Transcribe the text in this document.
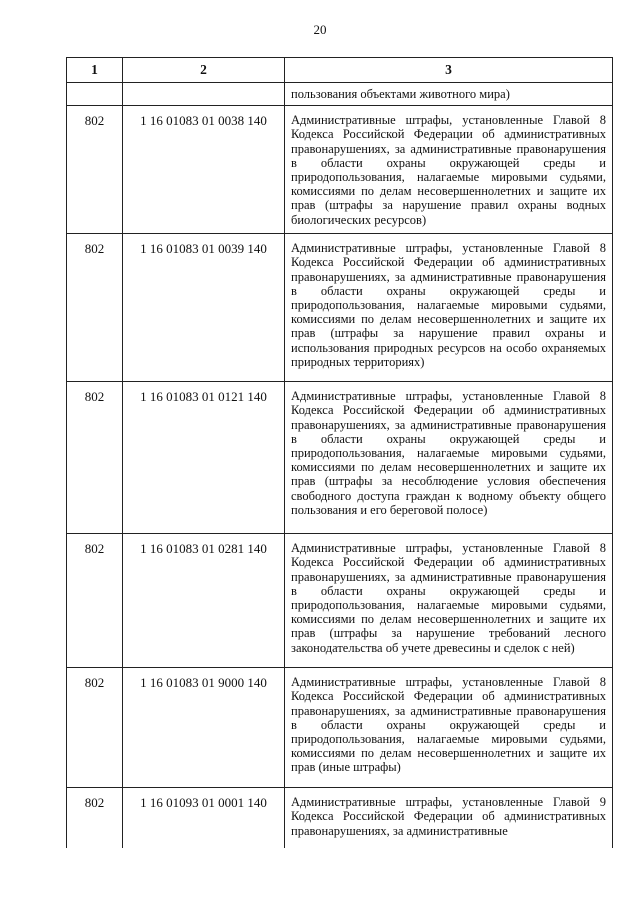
20
1	2	3
		пользования объектами животного мира)
802	1 16 01083 01 0038 140	Административные штрафы, установленные Главой 8 Кодекса Российской Федерации об административных правонарушениях, за административные правонарушения в области охраны окружающей среды и природопользования, налагаемые мировыми судьями, комиссиями по делам несовершеннолетних и защите их прав (штрафы за нарушение правил охраны водных биологических ресурсов)
802	1 16 01083 01 0039 140	Административные штрафы, установленные Главой 8 Кодекса Российской Федерации об административных правонарушениях, за административные правонарушения в области охраны окружающей среды и природопользования, налагаемые мировыми судьями, комиссиями по делам несовершеннолетних и защите их прав (штрафы за нарушение правил охраны и использования природных ресурсов на особо охраняемых природных территориях)
802	1 16 01083 01 0121 140	Административные штрафы, установленные Главой 8 Кодекса Российской Федерации об административных правонарушениях, за административные правонарушения в области охраны окружающей среды и природопользования, налагаемые мировыми судьями, комиссиями по делам несовершеннолетних и защите их прав (штрафы за несоблюдение условия обеспечения свободного доступа граждан к водному объекту общего пользования и его береговой полосе)
802	1 16 01083 01 0281 140	Административные штрафы, установленные Главой 8 Кодекса Российской Федерации об административных правонарушениях, за административные правонарушения в области охраны окружающей среды и природопользования, налагаемые мировыми судьями, комиссиями по делам несовершеннолетних и защите их прав (штрафы за нарушение требований лесного законодательства об учете древесины и сделок с ней)
802	1 16 01083 01 9000 140	Административные штрафы, установленные Главой 8 Кодекса Российской Федерации об административных правонарушениях, за административные правонарушения в области охраны окружающей среды и природопользования, налагаемые мировыми судьями, комиссиями по делам несовершеннолетних и защите их прав (иные штрафы)
802	1 16 01093 01 0001 140	Административные штрафы, установленные Главой 9 Кодекса Российской Федерации об административных правонарушениях, за административные
